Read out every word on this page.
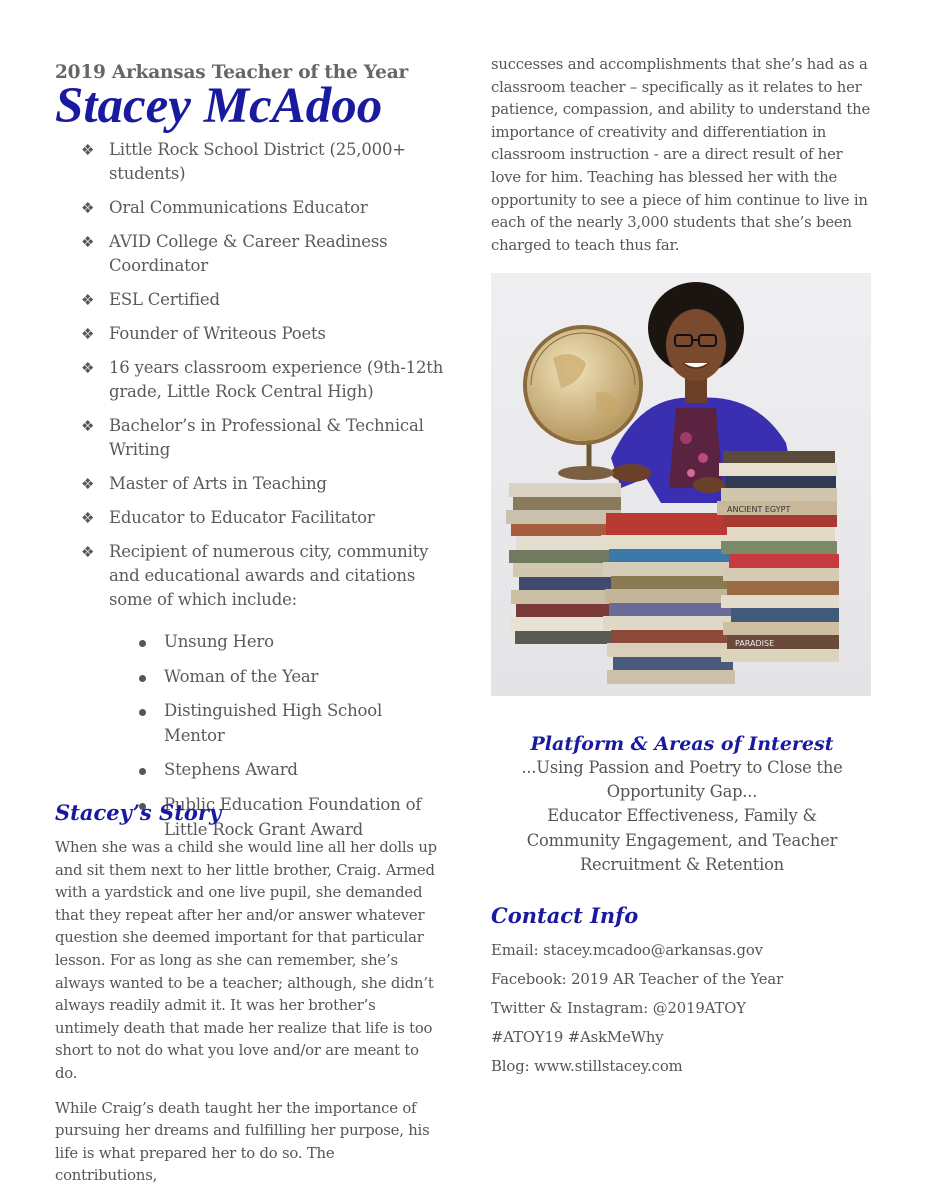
2019 Arkansas Teacher of the Year
Stacey McAdoo
❖ Little Rock School District (25,000+ students)
❖ Oral Communications Educator
❖ AVID College & Career Readiness Coordinator
❖ ESL Certified
❖ Founder of Writeous Poets
❖ 16 years classroom experience (9th-12th grade, Little Rock Central High)
❖ Bachelor’s in Professional & Technical Writing
❖ Master of Arts in Teaching
❖ Educator to Educator Facilitator
❖ Recipient of numerous city, community and educational awards and citations some of which include:
Unsung Hero
Woman of the Year
Distinguished High School Mentor
Stephens Award
Public Education Foundation of Little Rock Grant Award
Stacey’s Story

When she was a child she would line all her dolls up and sit them next to her little brother, Craig. Armed with a yardstick and one live pupil, she demanded that they repeat after her and/or answer whatever question she deemed important for that particular lesson. For as long as she can remember, she’s always wanted to be a teacher; although, she didn’t always readily admit it. It was her brother’s untimely death that made her realize that life is too short to not do what you love and/or are meant to do.

While Craig’s death taught her the importance of pursuing her dreams and fulfilling her purpose, his life is what prepared her to do so. The contributions,

successes and accomplishments that she’s had as a classroom teacher – specifically as it relates to her patience, compassion, and ability to understand the importance of creativity and differentiation in classroom instruction - are a direct result of her love for him. Teaching has blessed her with the opportunity to see a piece of him continue to live in each of the nearly 3,000 students that she’s been charged to teach thus far.

ANCIENT EGYPT
PARADISE
Platform & Areas of Interest
...Using Passion and Poetry to Close the Opportunity Gap...
Educator Effectiveness, Family & Community Engagement, and Teacher Recruitment & Retention
Contact Info
Email: stacey.mcadoo@arkansas.gov
Facebook: 2019 AR Teacher of the Year
Twitter & Instagram: @2019ATOY
#ATOY19 #AskMeWhy
Blog: www.stillstacey.com
